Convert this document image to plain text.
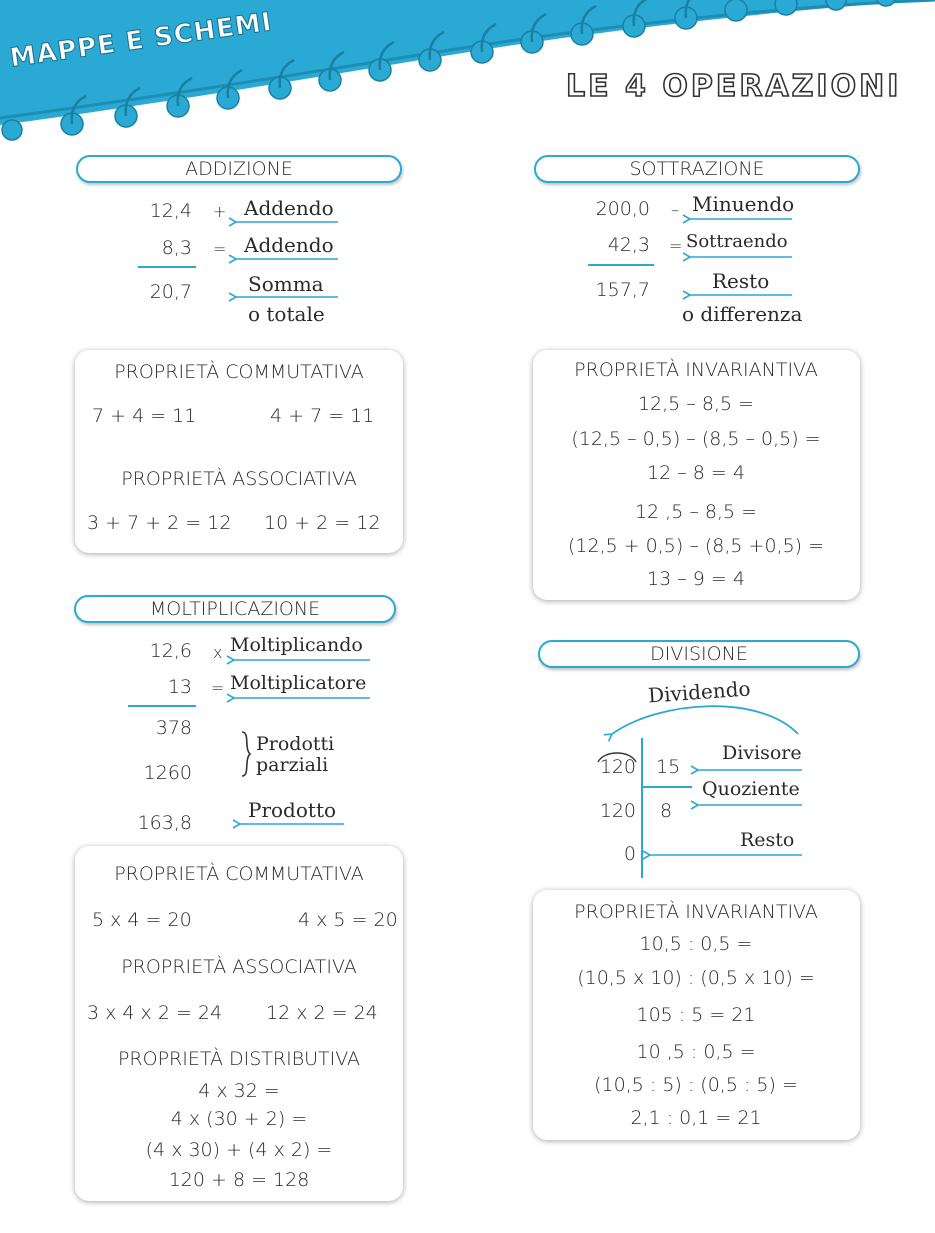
MAPPE E SCHEMI
LE 4 OPERAZIONI
ADDIZIONE
12,4 + Addendo
8,3 = Addendo
20,7	Somma
o totale
PROPRIETÀ COMMUTATIVA
7 + 4 = 11	4 + 7 = 11
PROPRIETÀ ASSOCIATIVA
3 + 7 + 2 = 12 10 + 2 = 12
SOTTRAZIONE
200,0 – Minuendo
42,3 = Sottraendo
157,7	Resto
o differenza
PROPRIETÀ INVARIANTIVA
12,5 – 8,5 =
(12,5 – 0,5) – (8,5 – 0,5) =
12 – 8 = 4
12 ,5 – 8,5 =
(12,5 + 0,5) – (8,5 +0,5) =
13 – 9 = 4
MOLTIPLICAZIONE
12,6 x Moltiplicando
13 = Moltiplicatore
378
1260
Prodotti
parziali
163,8
Prodotto
PROPRIETÀ COMMUTATIVA
5 x 4 = 20	4 x 5 = 20
PROPRIETÀ ASSOCIATIVA
3 x 4 x 2 = 24 12 x 2 = 24
PROPRIETÀ DISTRIBUTIVA
4 x 32 =
4 x (30 + 2) =
(4 x 30) + (4 x 2) =
120 + 8 = 128
DIVISIONE
Dividendo
120 15
Divisore
Quoziente
120 8
0
Resto
PROPRIETÀ INVARIANTIVA
10,5 : 0,5 =
(10,5 x 10) : (0,5 x 10) =
105 : 5 = 21
10 ,5 : 0,5 =
(10,5 : 5) : (0,5 : 5) =
2,1 : 0,1 = 21
